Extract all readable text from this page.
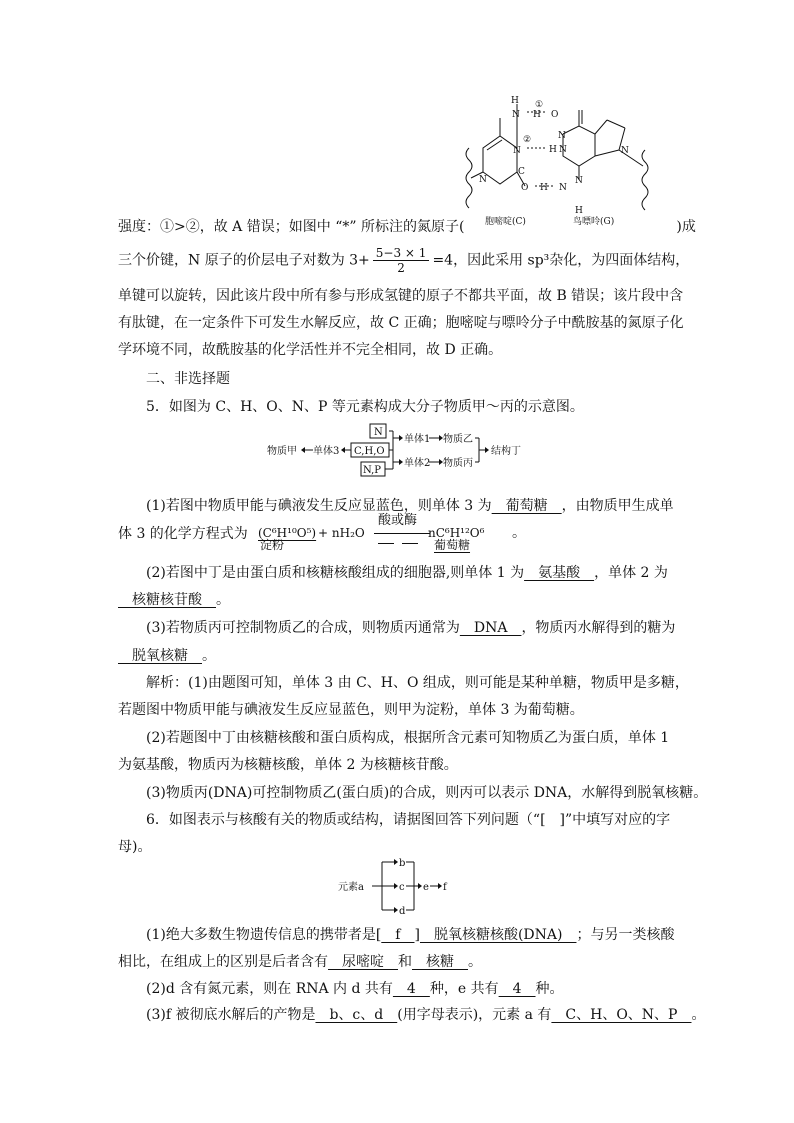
H
N H
①
O
N
N
N
N
②
H N
C
O H N
H
N
胞嘧啶(C)	鸟嘌呤(G)
强度：①>②，故 A 错误；如图中 “*” 所标注的氮原子(	)成
三个价键，N 原子的价层电子对数为 $3+ \frac{5-3 \times 1}{2} =4$，因此采用 sp³杂化，为四面体结构，
单键可以旋转，因此该片段中所有参与形成氢键的原子不都共平面，故 B 错误；该片段中含
有肽键，在一定条件下可发生水解反应，故 C 正确；胞嘧啶与嘌呤分子中酰胺基的氮原子化
学环境不同，故酰胺基的化学活性并不完全相同，故 D 正确。
二、非选择题
5．如图为 C、H、O、N、P 等元素构成大分子物质甲～丙的示意图。
N
C,H,O
N,P
物质甲 单体3
单体1 物质乙
单体2 物质丙
结构丁
(1)若图中物质甲能与碘液发生反应显蓝色，则单体 3 为　葡萄糖　，由物质甲生成单
体 3 的化学方程式为 (C⁶H¹⁰O⁵) + nH₂O
酸或酶
nC⁶H¹²O⁶
淀粉	葡萄糖
。
(2)若图中丁是由蛋白质和核糖核酸组成的细胞器,则单体 1 为　氨基酸　，单体 2 为
　核糖核苷酸　。
(3)若物质丙可控制物质乙的合成，则物质丙通常为　DNA　，物质丙水解得到的糖为
　脱氧核糖　。
解析：(1)由题图可知，单体 3 由 C、H、O 组成，则可能是某种单糖，物质甲是多糖，
若题图中物质甲能与碘液发生反应显蓝色，则甲为淀粉，单体 3 为葡萄糖。
(2)若题图中丁由核糖核酸和蛋白质构成，根据所含元素可知物质乙为蛋白质，单体 1
为氨基酸，物质丙为核糖核酸，单体 2 为核糖核苷酸。
(3)物质丙(DNA)可控制物质乙(蛋白质)的合成，则丙可以表示 DNA，水解得到脱氧核糖。
6．如图表示与核酸有关的物质或结构，请据图回答下列问题（“[　]”中填写对应的字
母)。
元素a
b
c
d
e f
(1)绝大多数生物遗传信息的携带者是[　f　]　脱氧核糖核酸(DNA)　；与另一类核酸
相比，在组成上的区别是后者含有　尿嘧啶　和　核糖　。
(2)d 含有氮元素，则在 RNA 内 d 共有　4　种，e 共有　4　种。
(3)f 被彻底水解后的产物是　b、c、d　(用字母表示)，元素 a 有　C、H、O、N、P　。
